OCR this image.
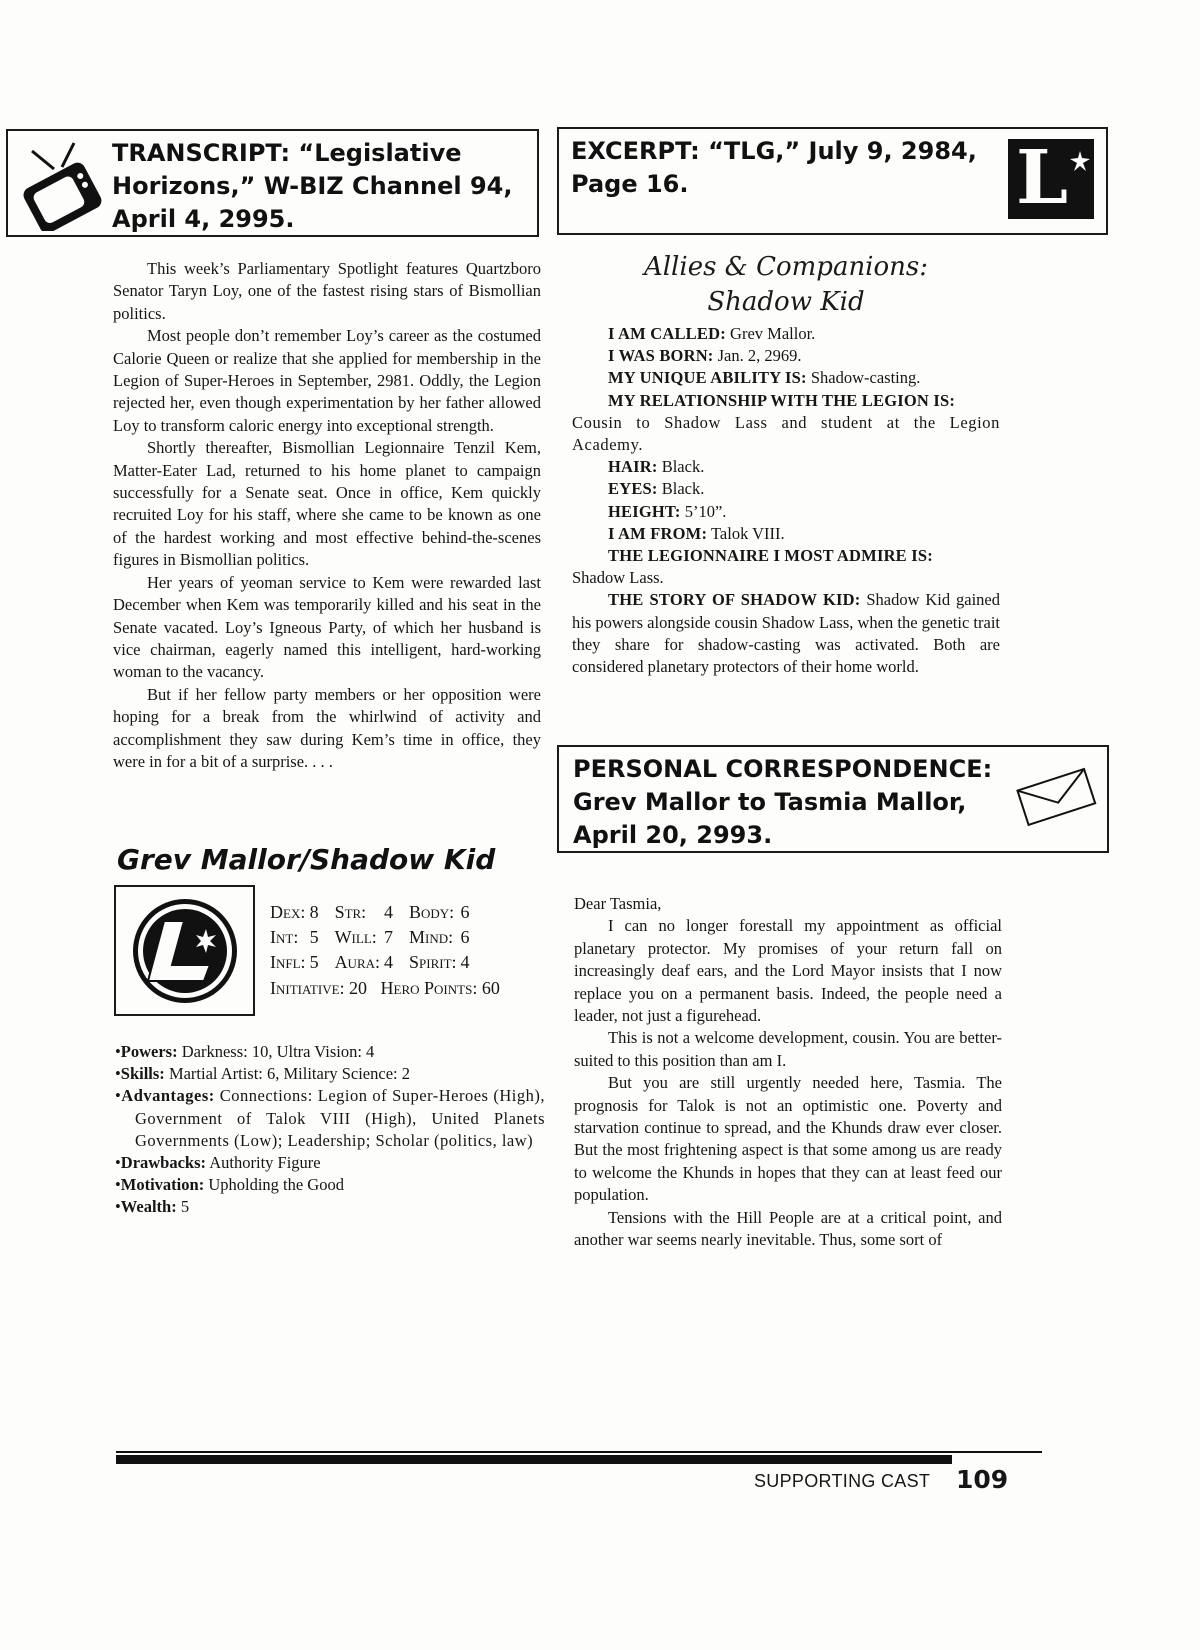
TRANSCRIPT: “Legislative
Horizons,” W-BIZ Channel 94,
April 4, 2995.
EXCERPT: “TLG,” July 9, 2984,
Page 16.	L

This week’s Parliamentary Spotlight features Quartzboro Senator Taryn Loy, one of the fastest rising stars of Bismollian politics.

Most people don’t remember Loy’s career as the costumed Calorie Queen or realize that she applied for membership in the Legion of Super-Heroes in September, 2981. Oddly, the Legion rejected her, even though experimentation by her father allowed Loy to transform caloric energy into exceptional strength.

Shortly thereafter, Bismollian Legionnaire Tenzil Kem, Matter-Eater Lad, returned to his home planet to campaign successfully for a Senate seat. Once in office, Kem quickly recruited Loy for his staff, where she came to be known as one of the hardest working and most effective behind-the-scenes figures in Bismollian politics.

Her years of yeoman service to Kem were rewarded last December when Kem was temporarily killed and his seat in the Senate vacated. Loy’s Igneous Party, of which her husband is vice chairman, eagerly named this intelligent, hard-working woman to the vacancy.

But if her fellow party members or her opposition were hoping for a break from the whirlwind of activity and accomplishment they saw during Kem’s time in office, they were in for a bit of a surprise. . . .

Allies & Companions:
Shadow Kid
I AM CALLED: Grev Mallor.
I WAS BORN: Jan. 2, 2969.
MY UNIQUE ABILITY IS: Shadow-casting.
MY RELATIONSHIP WITH THE LEGION IS:
Cousin to Shadow Lass and student at the Legion Academy.
HAIR: Black.
EYES: Black.
HEIGHT: 5’10”.
I AM FROM: Talok VIII.
THE LEGIONNAIRE I MOST ADMIRE IS:
Shadow Lass.
THE STORY OF SHADOW KID: Shadow Kid gained his powers alongside cousin Shadow Lass, when the genetic trait they share for shadow-casting was activated. Both are considered planetary protectors of their home world.
Grev Mallor/Shadow Kid
Dex:	8	Str:	4	Body:	6
Int:	5	Will:	7	Mind:	6
Infl:	5	Aura:	4	Spirit:	4
Initiative: 20 Hero Points: 60
•Powers: Darkness: 10, Ultra Vision: 4
•Skills: Martial Artist: 6, Military Science: 2
•Advantages: Connections: Legion of Super-Heroes (High), Government of Talok VIII (High), United Planets Governments (Low); Leadership; Scholar (politics, law)
•Drawbacks: Authority Figure
•Motivation: Upholding the Good
•Wealth: 5
PERSONAL CORRESPONDENCE:
Grev Mallor to Tasmia Mallor,
April 20, 2993.
Dear Tasmia,

I can no longer forestall my appointment as official planetary protector. My promises of your return fall on increasingly deaf ears, and the Lord Mayor insists that I now replace you on a permanent basis. Indeed, the people need a leader, not just a figurehead.

This is not a welcome development, cousin. You are better-suited to this position than am I.

But you are still urgently needed here, Tasmia. The prognosis for Talok is not an optimistic one. Poverty and starvation continue to spread, and the Khunds draw ever closer. But the most frightening aspect is that some among us are ready to welcome the Khunds in hopes that they can at least feed our population.

Tensions with the Hill People are at a critical point, and another war seems nearly inevitable. Thus, some sort of

SUPPORTING CAST 109
